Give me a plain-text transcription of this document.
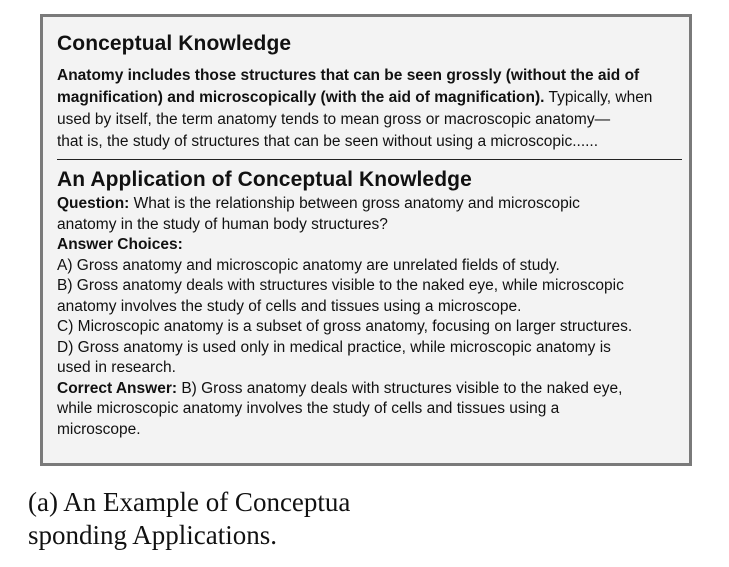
Conceptual Knowledge

Anatomy includes those structures that can be seen grossly (without the aid of
magnification) and microscopically (with the aid of magnification). Typically, when
used by itself, the term anatomy tends to mean gross or macroscopic anatomy—
that is, the study of structures that can be seen without using a microscopic......

An Application of Conceptual Knowledge
Question: What is the relationship between gross anatomy and microscopic
anatomy in the study of human body structures?
Answer Choices:
A) Gross anatomy and microscopic anatomy are unrelated fields of study.
B) Gross anatomy deals with structures visible to the naked eye, while microscopic
anatomy involves the study of cells and tissues using a microscope.
C) Microscopic anatomy is a subset of gross anatomy, focusing on larger structures.
D) Gross anatomy is used only in medical practice, while microscopic anatomy is
used in research.
Correct Answer: B) Gross anatomy deals with structures visible to the naked eye,
while microscopic anatomy involves the study of cells and tissues using a
microscope.
(a) An Example of Conceptua
sponding Applications.
